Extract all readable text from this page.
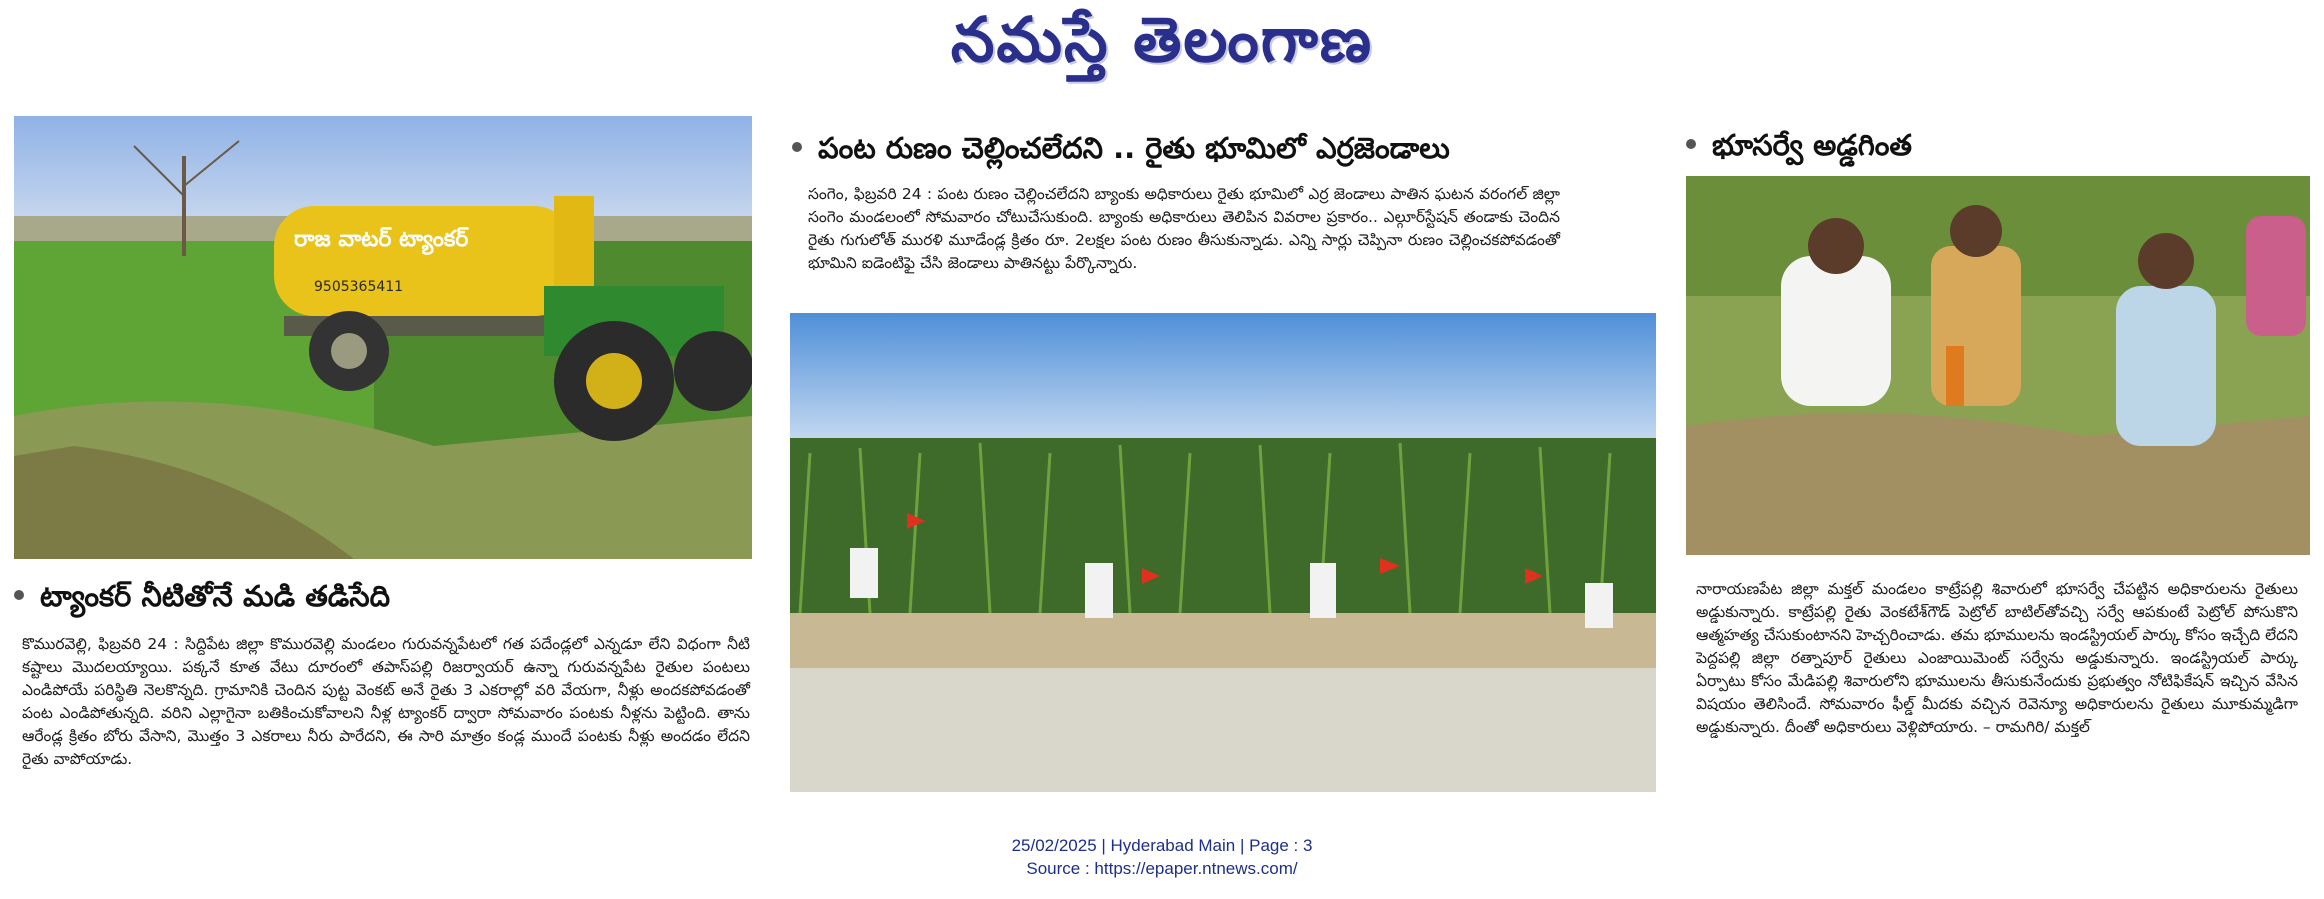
నమస్తే తెలంగాణ
రాజ వాటర్ ట్యాంకర్
9505365411
ట్యాంకర్ నీటితోనే మడి తడిసేది
కొమురవెల్లి, ఫిబ్రవరి 24 : సిద్దిపేట జిల్లా కొమురవెల్లి మండలం గురువన్నపేటలో గత పదేండ్లలో ఎన్నడూ లేని విధంగా నీటి కష్టాలు మొదలయ్యాయి. పక్కనే కూత వేటు దూరంలో తపాస్‌పల్లి రిజర్వాయర్ ఉన్నా గురువన్నపేట రైతుల పంటలు ఎండిపోయే పరిస్థితి నెలకొన్నది. గ్రామానికి చెందిన పుట్ట వెంకట్ అనే రైతు 3 ఎకరాల్లో వరి వేయగా, నీళ్లు అందకపోవడంతో పంట ఎండిపోతున్నది. వరిని ఎల్లాగైనా బతికించుకోవాలని నీళ్ల ట్యాంకర్ ద్వారా సోమవారం పంటకు నీళ్లను పెట్టింది. తాను ఆరేండ్ల క్రితం బోరు వేసాని, మొత్తం 3 ఎకరాలు నీరు పారేదని, ఈ సారి మాత్రం కండ్ల ముందే పంటకు నీళ్లు అందడం లేదని రైతు వాపోయాడు.
పంట రుణం చెల్లించలేదని .. రైతు భూమిలో ఎర్రజెండాలు
సంగెం, ఫిబ్రవరి 24 : పంట రుణం చెల్లించలేదని బ్యాంకు అధికారులు రైతు భూమిలో ఎర్ర జెండాలు పాతిన ఘటన వరంగల్ జిల్లా సంగెం మండలంలో సోమవారం చోటుచేసుకుంది. బ్యాంకు అధికారులు తెలిపిన వివరాల ప్రకారం.. ఎల్గూర్‌స్టేషన్ తండాకు చెందిన రైతు గుగులోత్ మురళి మూడేండ్ల క్రితం రూ. 2లక్షల పంట రుణం తీసుకున్నాడు. ఎన్ని సార్లు చెప్పినా రుణం చెల్లించకపోవడంతో భూమిని ఐడెంటిఫై చేసి జెండాలు పాతినట్టు పేర్కొన్నారు.
భూసర్వే అడ్డగింత
నారాయణపేట జిల్లా మక్తల్ మండలం కాట్రేపల్లి శివారులో భూసర్వే చేపట్టిన అధికారులను రైతులు అడ్డుకున్నారు. కాట్రేపల్లి రైతు వెంకటేశ్‌గౌడ్ పెట్రోల్ బాటిల్‌తోవచ్చి సర్వే ఆపకుంటే పెట్రోల్ పోసుకొని ఆత్మహత్య చేసుకుంటానని హెచ్చరించాడు. తమ భూములను ఇండస్ట్రియల్ పార్కు కోసం ఇచ్చేది లేదని పెద్దపల్లి జిల్లా రత్నాపూర్ రైతులు ఎంజాయిమెంట్ సర్వేను అడ్డుకున్నారు. ఇండస్ట్రియల్ పార్కు ఏర్పాటు కోసం మేడిపల్లి శివారులోని భూములను తీసుకునేందుకు ప్రభుత్వం నోటిఫికేషన్ ఇచ్చిన వేసిన విషయం తెలిసిందే. సోమవారం ఫీల్డ్ మీదకు వచ్చిన రెవెన్యూ అధికారులను రైతులు మూకుమ్మడిగా అడ్డుకున్నారు. దీంతో అధికారులు వెళ్లిపోయారు. – రామగిరి/ మక్తల్
25/02/2025 | Hyderabad Main | Page : 3
Source : https://epaper.ntnews.com/
